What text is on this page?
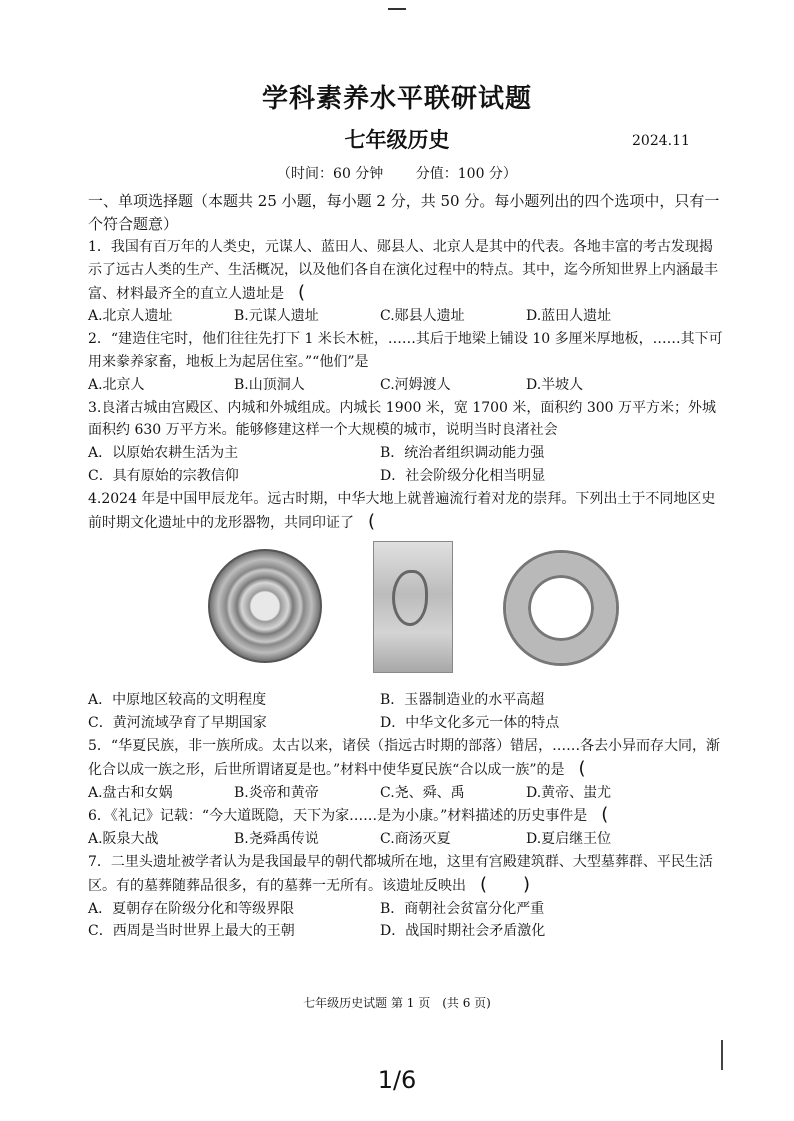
学科素养水平联研试题
七年级历史	2024.11
（时间：60 分钟 分值：100 分）

一、单项选择题（本题共 25 小题，每小题 2 分，共 50 分。每小题列出的四个选项中，只有一个符合题意）

1．我国有百万年的人类史，元谋人、蓝田人、郧县人、北京人是其中的代表。各地丰富的考古发现揭示了远古人类的生产、生活概况，以及他们各自在演化过程中的特点。其中，迄今所知世界上内涵最丰富、材料最齐全的直立人遗址是 (

A.北京人遗址	B.元谋人遗址	C.郧县人遗址	D.蓝田人遗址

2．“建造住宅时，他们往往先打下 1 米长木桩，……其后于地梁上铺设 10 多厘米厚地板，……其下可用来豢养家畜，地板上为起居住室。”“他们”是

A.北京人	B.山顶洞人	C.河姆渡人	D.半坡人

3.良渚古城由宫殿区、内城和外城组成。内城长 1900 米，宽 1700 米，面积约 300 万平方米；外城面积约 630 万平方米。能够修建这样一个大规模的城市，说明当时良渚社会

A．以原始农耕生活为主	B．统治者组织调动能力强
C．具有原始的宗教信仰	D．社会阶级分化相当明显

4.2024 年是中国甲辰龙年。远古时期，中华大地上就普遍流行着对龙的崇拜。下列出土于不同地区史前时期文化遗址中的龙形器物，共同印证了 (

A．中原地区较高的文明程度	B．玉器制造业的水平高超
C．黄河流域孕育了早期国家	D．中华文化多元一体的特点

5．“华夏民族，非一族所成。太古以来，诸侯（指远古时期的部落）错居，……各去小异而存大同，渐化合以成一族之形，后世所谓诸夏是也。”材料中使华夏民族“合以成一族”的是 (

A.盘古和女娲	B.炎帝和黄帝	C.尧、舜、禹	D.黄帝、蚩尤

6．《礼记》记载：“今大道既隐，天下为家……是为小康。”材料描述的历史事件是 (

A.阪泉大战	B.尧舜禹传说	C.商汤灭夏	D.夏启继王位

7．二里头遗址被学者认为是我国最早的朝代都城所在地，这里有宫殿建筑群、大型墓葬群、平民生活区。有的墓葬随葬品很多，有的墓葬一无所有。该遗址反映出 (　　)

A．夏朝存在阶级分化和等级界限	B．商朝社会贫富分化严重
C．西周是当时世界上最大的王朝	D．战国时期社会矛盾激化
七年级历史试题 第 1 页　(共 6 页)
1/6
